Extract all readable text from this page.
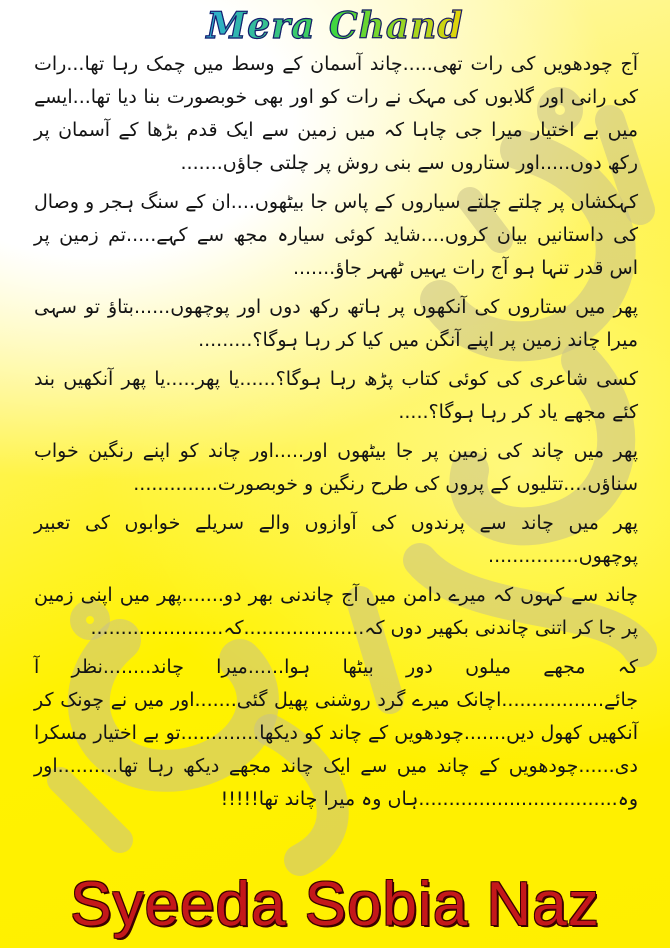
Mera Chand

آج چودھویں کی رات تھی.....چاند آسمان کے وسط میں چمک رہا تھا...رات کی رانی اور گلابوں کی مہک نے رات کو اور بھی خوبصورت بنا دیا تھا...ایسے میں بے اختیار میرا جی چاہا کہ میں زمین سے ایک قدم بڑھا کے آسمان پر رکھ دوں.....اور ستاروں سے بنی روش پر چلتی جاؤں.......

کہکشاں پر چلتے چلتے سیاروں کے پاس جا بیٹھوں....ان کے سنگ ہجر و وصال کی داستانیں بیان کروں....شاید کوئی سیارہ مجھ سے کہے.....تم زمین پر اس قدر تنہا ہو آج رات یہیں ٹھہر جاؤ.......

پھر میں ستاروں کی آنکھوں پر ہاتھ رکھ دوں اور پوچھوں......بتاؤ تو سہی میرا چاند زمین پر اپنے آنگن میں کیا کر رہا ہوگا؟.........

کسی شاعری کی کوئی کتاب پڑھ رہا ہوگا؟......یا پھر.....یا پھر آنکھیں بند کئے مجھے یاد کر رہا ہوگا؟.....

پھر میں چاند کی زمین پر جا بیٹھوں اور.....اور چاند کو اپنے رنگین خواب سناؤں....تتلیوں کے پروں کی طرح رنگین و خوبصورت..............

پھر میں چاند سے پرندوں کی آوازوں والے سریلے خوابوں کی تعبیر پوچھوں...............

چاند سے کہوں کہ میرے دامن میں آج چاندنی بھر دو.......پھر میں اپنی زمین پر جا کر اتنی چاندنی بکھیر دوں کہ....................کہ......................

کہ مجھے میلوں دور بیٹھا ہوا......میرا چاند........نظر آ جائے.................اچانک میرے گرد روشنی پھیل گئی.......اور میں نے چونک کر آنکھیں کھول دیں.......چودھویں کے چاند کو دیکھا.............تو بے اختیار مسکرا دی......چودھویں کے چاند میں سے ایک چاند مجھے دیکھ رہا تھا..........اور وہ.................................ہاں وہ میرا چاند تھا!!!!!

Syeeda Sobia Naz
